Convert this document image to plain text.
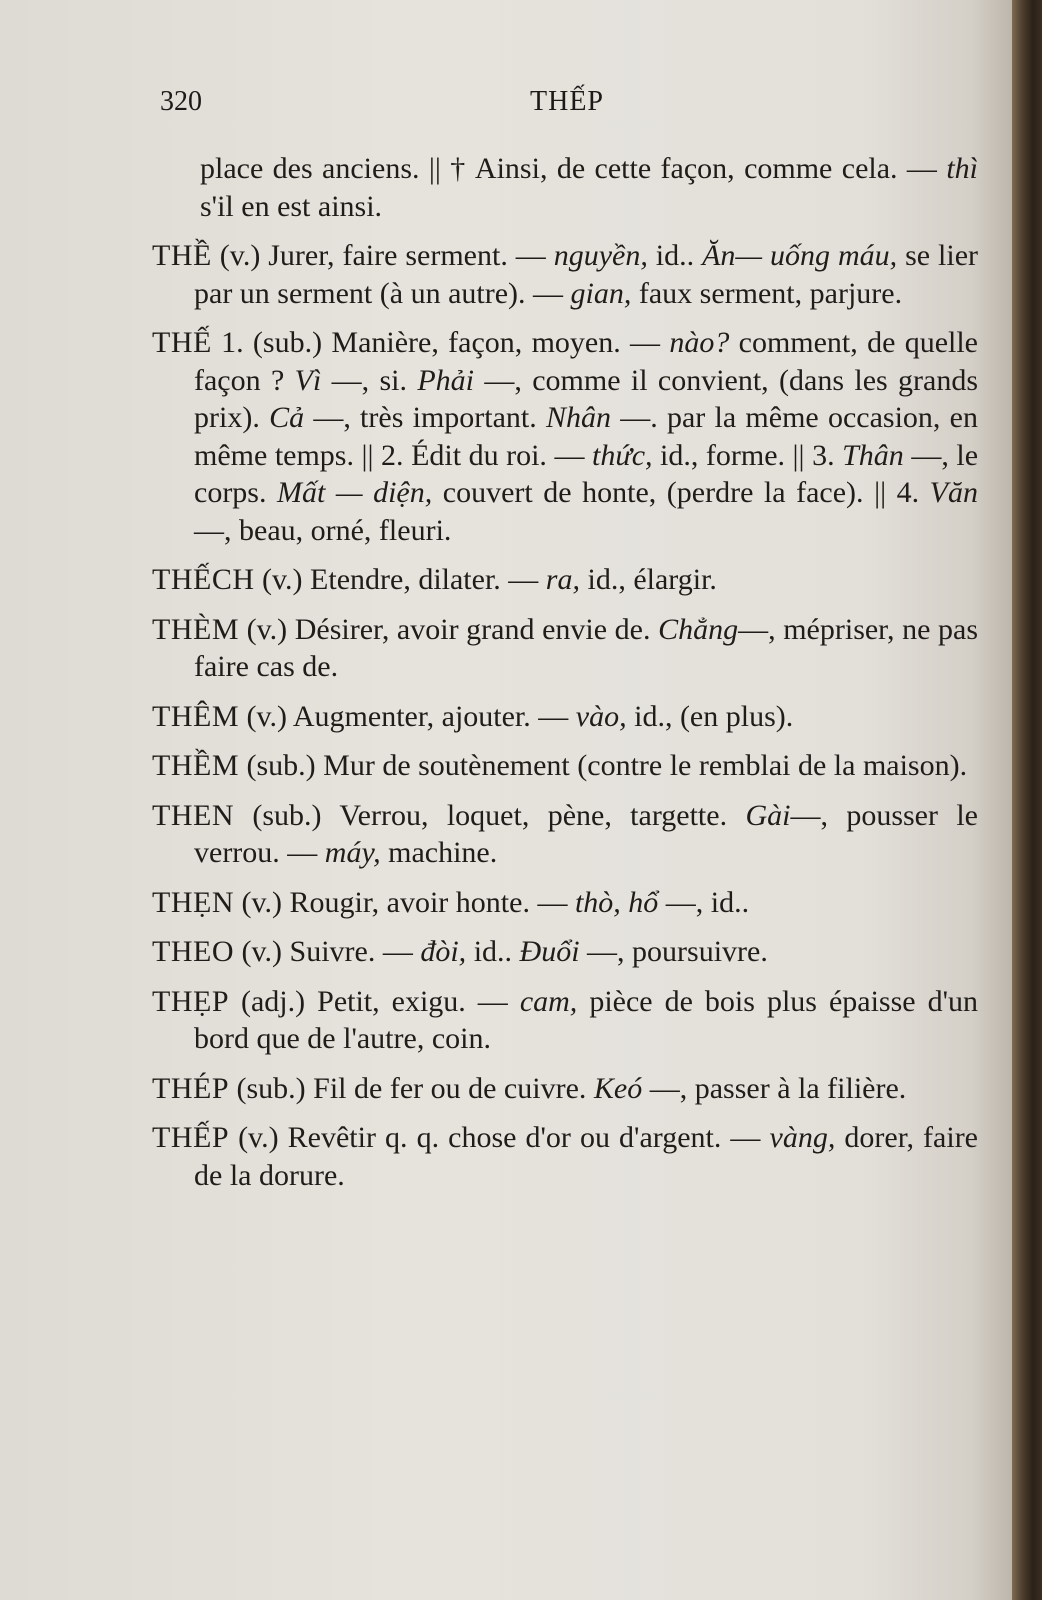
320	THẾP

place des anciens. || † Ainsi, de cette façon, comme cela. — thì s'il en est ainsi.

THỀ (v.) Jurer, faire serment. — nguyền, id.. Ăn— uống máu, se lier par un serment (à un autre). — gian, faux serment, parjure.

THẾ 1. (sub.) Manière, façon, moyen. — nào? comment, de quelle façon ? Vì —, si. Phải —, comme il convient, (dans les grands prix). Cả —, très important. Nhân —. par la même occasion, en même temps. || 2. Édit du roi. — thức, id., forme. || 3. Thân —, le corps. Mất — diện, couvert de honte, (perdre la face). || 4. Văn —, beau, orné, fleuri.

THẾCH (v.) Etendre, dilater. — ra, id., élargir.

THÈM (v.) Désirer, avoir grand envie de. Chẳng—, mépriser, ne pas faire cas de.

THÊM (v.) Augmenter, ajouter. — vào, id., (en plus).

THỀM (sub.) Mur de soutènement (contre le remblai de la maison).

THEN (sub.) Verrou, loquet, pène, targette. Gài—, pousser le verrou. — máy, machine.

THẸN (v.) Rougir, avoir honte. — thò, hổ —, id..

THEO (v.) Suivre. — đòi, id.. Đuổi —, poursuivre.

THẸP (adj.) Petit, exigu. — cam, pièce de bois plus épaisse d'un bord que de l'autre, coin.

THÉP (sub.) Fil de fer ou de cuivre. Keó —, passer à la filière.

THẾP (v.) Revêtir q. q. chose d'or ou d'argent. — vàng, dorer, faire de la dorure.
